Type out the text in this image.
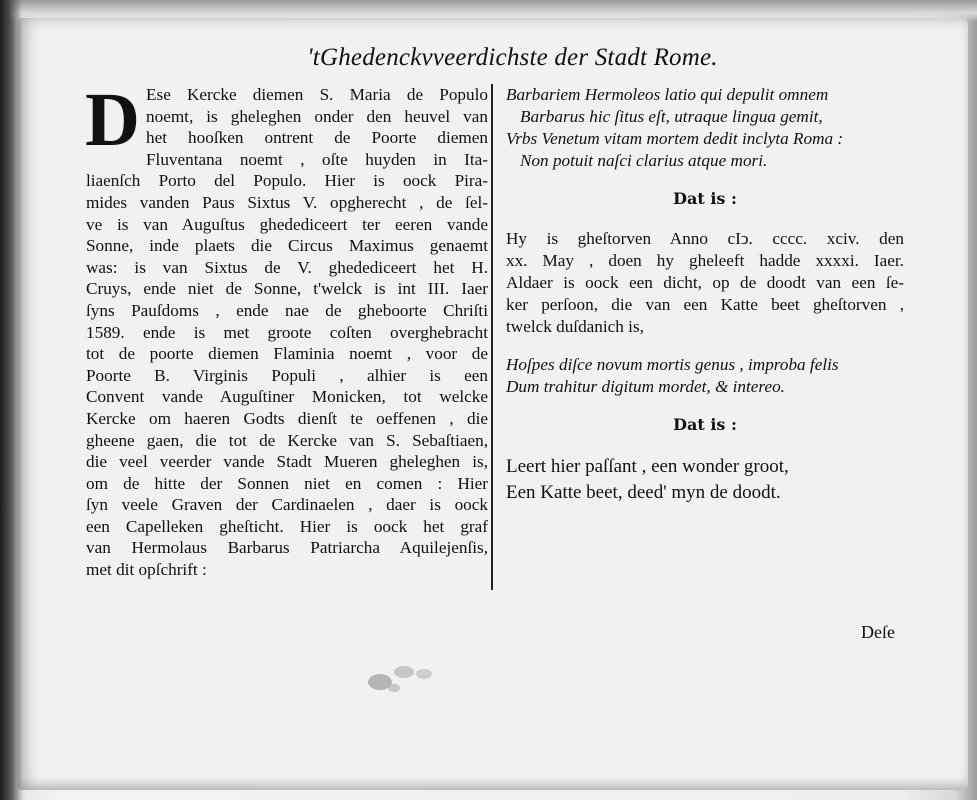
'tGhedenckvveerdichste der Stadt Rome.
D Ese Kercke diemen S. Maria de Populo
noemt, is gheleghen onder den heuvel van
het hooſken ontrent de Poorte diemen
Fluventana noemt , oſte huyden in Ita-
liaenſch Porto del Populo. Hier is oock Pira-
mides vanden Paus Sixtus V. opgherecht , de ſel-
ve is van Auguſtus ghededicеert ter eeren vande
Sonne, inde plaets die Circus Maximus genaemt
was: is van Sixtus de V. ghededicеert het H.
Cruys, ende niet de Sonne, t'welck is int III. Iaer
ſyns Pauſdoms , ende nae de gheboorte Chriſti
1589. ende is met groote coſten overghebracht
tot de poorte diemen Flaminia noemt , voor de
Poorte B. Virginis Populi , alhier is een
Convent vande Auguſtiner Monicken, tot welcke
Kercke om haeren Godts dienſt te oeffenen , die
gheene gaen, die tot de Kercke van S. Sebaſtiaen,
die veel veerder vande Stadt Mueren gheleghen is,
om de hitte der Sonnen niet en comen : Hier
ſyn veele Graven der Cardinaelen , daer is oock
een Capelleken gheſticht. Hier is oock het graf
van Hermolaus Barbarus Patriarcha Aquilejenſis,
met dit opſchrift :
Barbariem Hermoleos latio qui depulit omnem
Barbarus hic ſitus eſt, utraque lingua gemit,
Vrbs Venetum vitam mortem dedit inclyta Roma :
Non potuit naſci clarius atque mori.
Dat is :
Hy is gheſtorven Anno cIↄ. cccc. xciv. den
xx. May , doen hy gheleeft hadde xxxxi. Iaer.
Aldaer is oock een dicht, op de doodt van een ſe-
ker perſoon, die van een Katte beet gheſtorven ,
twelck duſdanich is,
Hoſpes diſce novum mortis genus , improba felis
Dum trahitur digitum mordet, & intereo.
Dat is :
Leert hier paſſant , een wonder groot,
Een Katte beet, deed' myn de doodt.
Deſe
